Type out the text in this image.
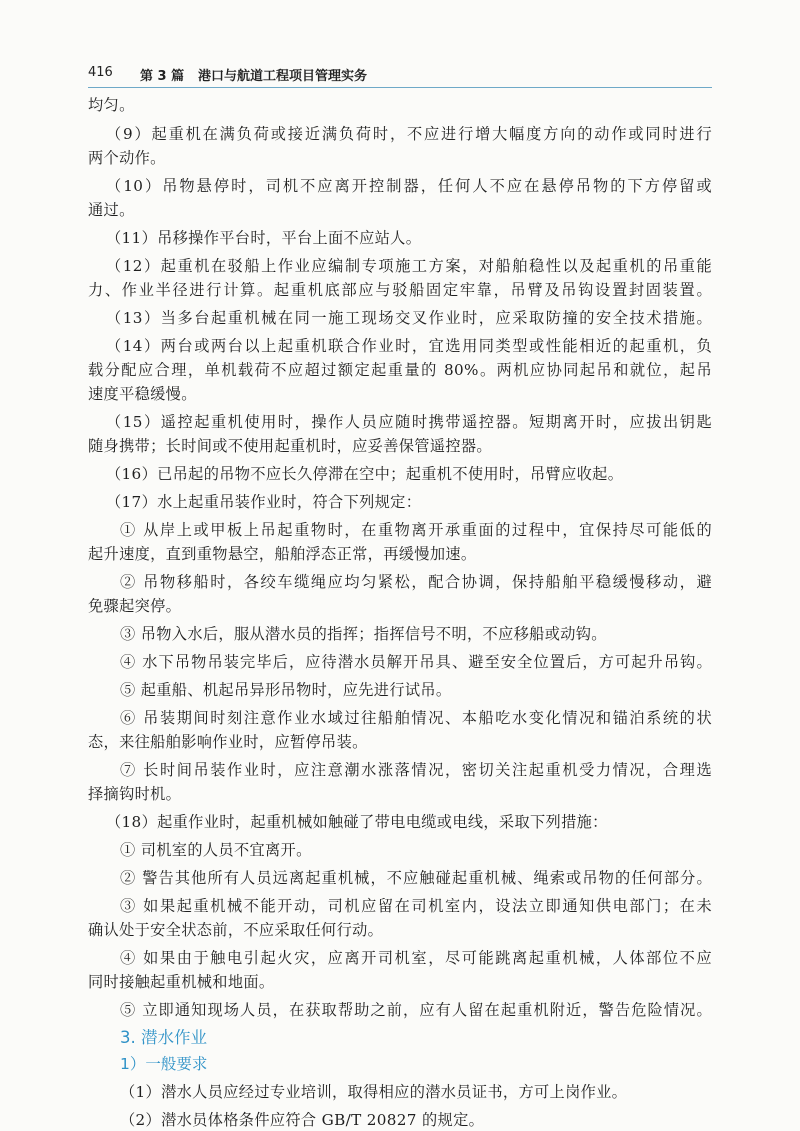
416 第 3 篇 港口与航道工程项目管理实务
均匀。
（9）起重机在满负荷或接近满负荷时，不应进行增大幅度方向的动作或同时进行
两个动作。
（10）吊物悬停时，司机不应离开控制器，任何人不应在悬停吊物的下方停留或
通过。
（11）吊移操作平台时，平台上面不应站人。
（12）起重机在驳船上作业应编制专项施工方案，对船舶稳性以及起重机的吊重能
力、作业半径进行计算。起重机底部应与驳船固定牢靠，吊臂及吊钩设置封固装置。
（13）当多台起重机械在同一施工现场交叉作业时，应采取防撞的安全技术措施。
（14）两台或两台以上起重机联合作业时，宜选用同类型或性能相近的起重机，负
载分配应合理，单机载荷不应超过额定起重量的 80%。两机应协同起吊和就位，起吊
速度平稳缓慢。
（15）遥控起重机使用时，操作人员应随时携带遥控器。短期离开时，应拔出钥匙
随身携带；长时间或不使用起重机时，应妥善保管遥控器。
（16）已吊起的吊物不应长久停滞在空中；起重机不使用时，吊臂应收起。
（17）水上起重吊装作业时，符合下列规定：
① 从岸上或甲板上吊起重物时，在重物离开承重面的过程中，宜保持尽可能低的
起升速度，直到重物悬空，船舶浮态正常，再缓慢加速。
② 吊物移船时，各绞车缆绳应均匀紧松，配合协调，保持船舶平稳缓慢移动，避
免骤起突停。
③ 吊物入水后，服从潜水员的指挥；指挥信号不明，不应移船或动钩。
④ 水下吊物吊装完毕后，应待潜水员解开吊具、避至安全位置后，方可起升吊钩。
⑤ 起重船、机起吊异形吊物时，应先进行试吊。
⑥ 吊装期间时刻注意作业水域过往船舶情况、本船吃水变化情况和锚泊系统的状
态，来往船舶影响作业时，应暂停吊装。
⑦ 长时间吊装作业时，应注意潮水涨落情况，密切关注起重机受力情况，合理选
择摘钩时机。
（18）起重作业时，起重机械如触碰了带电电缆或电线，采取下列措施：
① 司机室的人员不宜离开。
② 警告其他所有人员远离起重机械，不应触碰起重机械、绳索或吊物的任何部分。
③ 如果起重机械不能开动，司机应留在司机室内，设法立即通知供电部门；在未
确认处于安全状态前，不应采取任何行动。
④ 如果由于触电引起火灾，应离开司机室，尽可能跳离起重机械，人体部位不应
同时接触起重机械和地面。
⑤ 立即通知现场人员，在获取帮助之前，应有人留在起重机附近，警告危险情况。
3. 潜水作业
1）一般要求
（1）潜水人员应经过专业培训，取得相应的潜水员证书，方可上岗作业。
（2）潜水员体格条件应符合 GB/T 20827 的规定。
